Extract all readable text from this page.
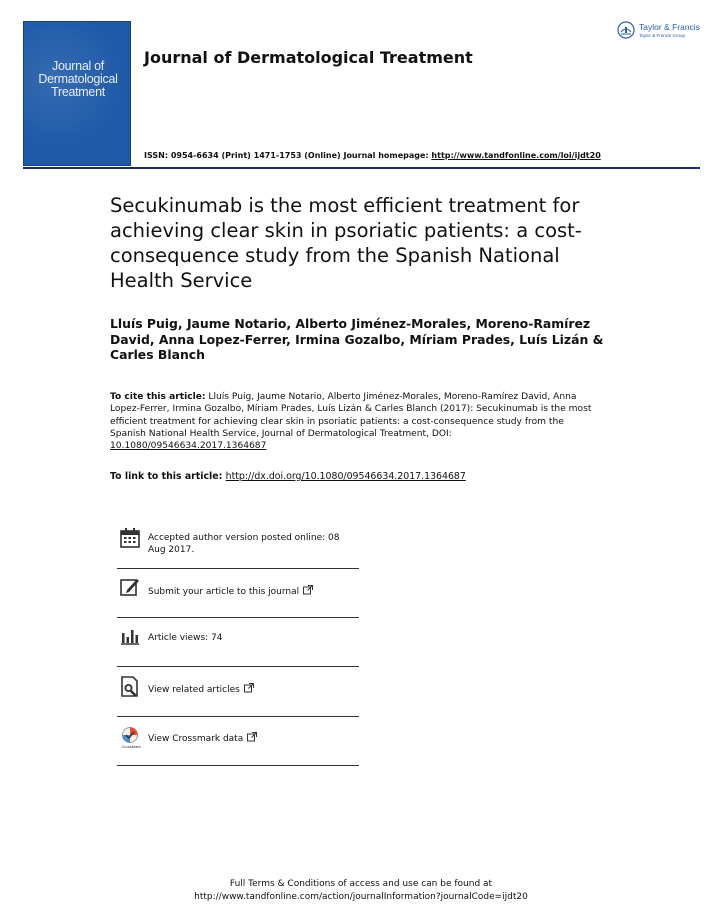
Journal of
Dermatological
Treatment
Journal of Dermatological Treatment
ISSN: 0954-6634 (Print) 1471-1753 (Online) Journal homepage: http://www.tandfonline.com/loi/ijdt20
Taylor & Francis
Taylor & Francis Group
Secukinumab is the most efficient treatment for achieving clear skin in psoriatic patients: a cost-consequence study from the Spanish National Health Service
Lluís Puig, Jaume Notario, Alberto Jiménez-Morales, Moreno-Ramírez David, Anna Lopez-Ferrer, Irmina Gozalbo, Míriam Prades, Luís Lizán & Carles Blanch
To cite this article: Lluís Puig, Jaume Notario, Alberto Jiménez-Morales, Moreno-Ramírez David, Anna Lopez-Ferrer, Irmina Gozalbo, Míriam Prades, Luís Lizán & Carles Blanch (2017): Secukinumab is the most efficient treatment for achieving clear skin in psoriatic patients: a cost-consequence study from the Spanish National Health Service, Journal of Dermatological Treatment, DOI: 10.1080/09546634.2017.1364687
To link to this article: http://dx.doi.org/10.1080/09546634.2017.1364687
Accepted author version posted online: 08 Aug 2017.
Submit your article to this journal
Article views: 74
View related articles
CrossMark
View Crossmark data
Full Terms & Conditions of access and use can be found at
http://www.tandfonline.com/action/journalInformation?journalCode=ijdt20
